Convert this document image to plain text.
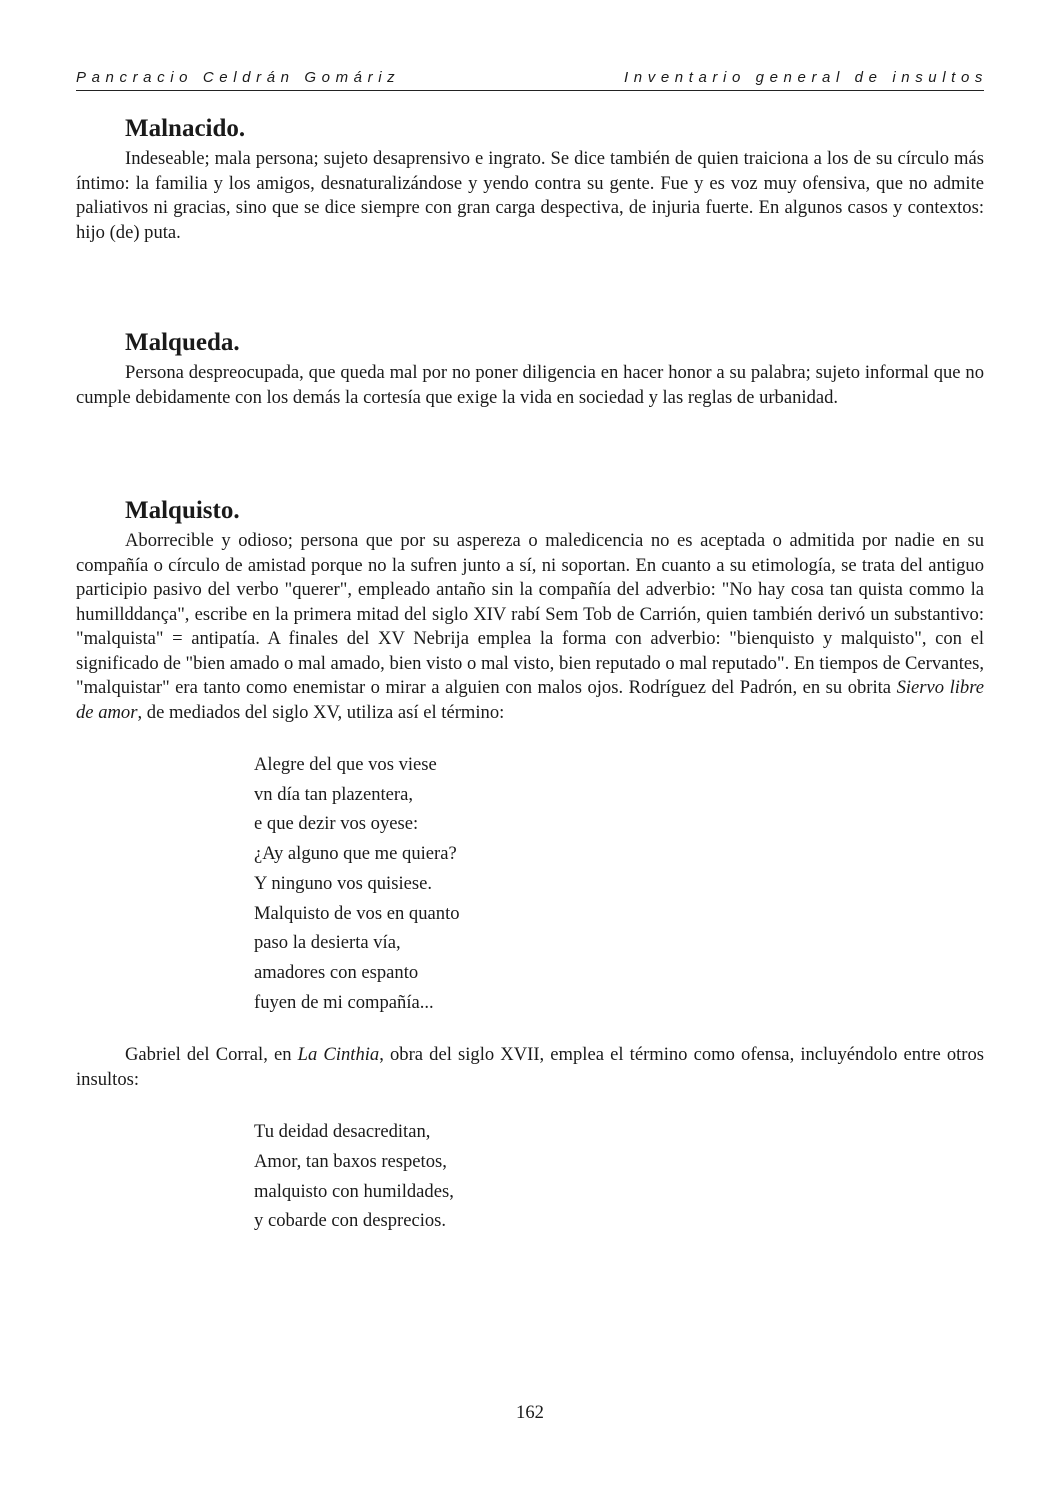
Pancracio Celdrán Gomáriz	Inventario general de insultos
Malnacido.

Indeseable; mala persona; sujeto desaprensivo e ingrato. Se dice también de quien traiciona a los de su círculo más íntimo: la familia y los amigos, desnaturalizándose y yendo contra su gente. Fue y es voz muy ofensiva, que no admite paliativos ni gracias, sino que se dice siempre con gran carga despectiva, de injuria fuerte. En algunos casos y contextos: hijo (de) puta.

Malqueda.

Persona despreocupada, que queda mal por no poner diligencia en hacer honor a su palabra; sujeto informal que no cumple debidamente con los demás la cortesía que exige la vida en sociedad y las reglas de urbanidad.

Malquisto.

Aborrecible y odioso; persona que por su aspereza o maledicencia no es aceptada o admitida por nadie en su compañía o círculo de amistad porque no la sufren junto a sí, ni soportan. En cuanto a su etimología, se trata del antiguo participio pasivo del verbo "querer", empleado antaño sin la compañía del adverbio: "No hay cosa tan quista commo la humillddança", escribe en la primera mitad del siglo XIV rabí Sem Tob de Carrión, quien también derivó un substantivo: "malquista" = antipatía. A finales del XV Nebrija emplea la forma con adverbio: "bienquisto y malquisto", con el significado de "bien amado o mal amado, bien visto o mal visto, bien reputado o mal reputado". En tiempos de Cervantes, "malquistar" era tanto como enemistar o mirar a alguien con malos ojos. Rodríguez del Padrón, en su obrita Siervo libre de amor, de mediados del siglo XV, utiliza así el término:

Alegre del que vos viese
vn día tan plazentera,
e que dezir vos oyese:
¿Ay alguno que me quiera?
Y ninguno vos quisiese.
Malquisto de vos en quanto
paso la desierta vía,
amadores con espanto
fuyen de mi compañía...

Gabriel del Corral, en La Cinthia, obra del siglo XVII, emplea el término como ofensa, incluyéndolo entre otros insultos:

Tu deidad desacreditan,
Amor, tan baxos respetos,
malquisto con humildades,
y cobarde con desprecios.
162
